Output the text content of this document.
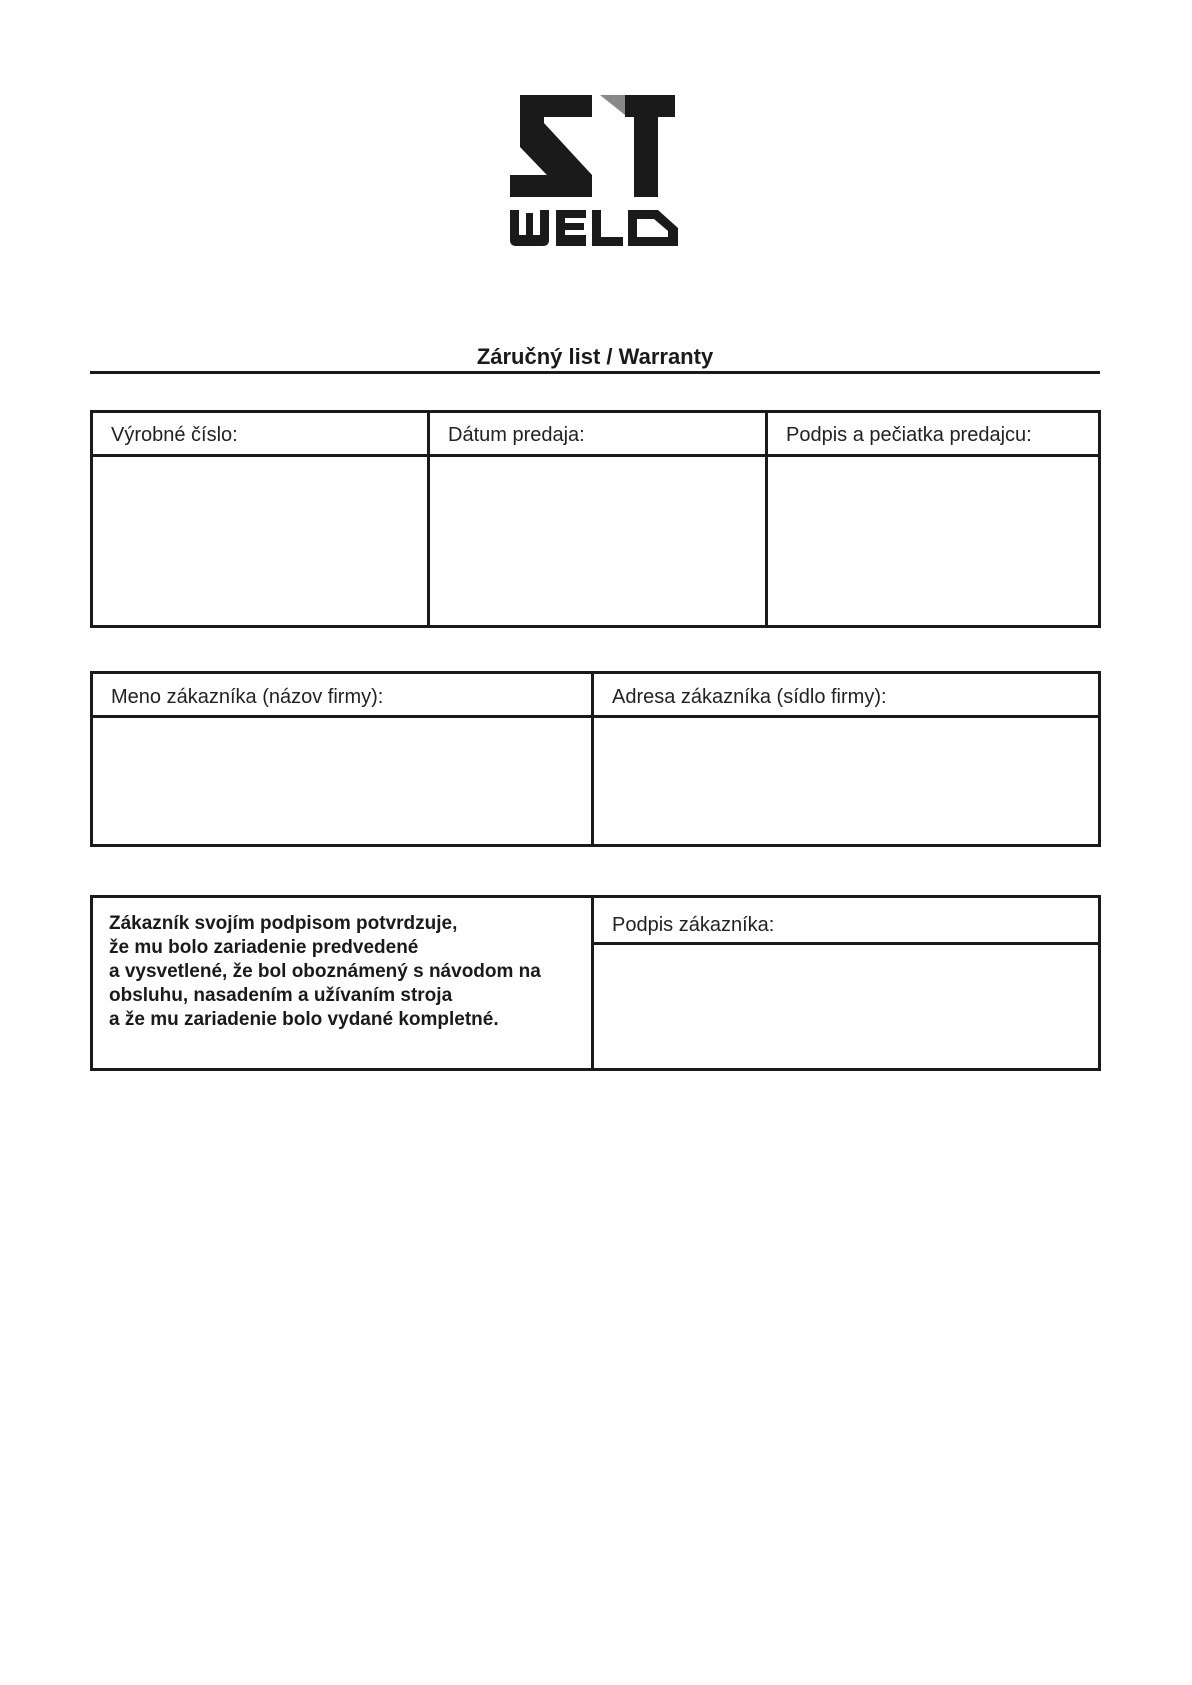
Záručný list / Warranty
Výrobné číslo:	Dátum predaja:	Podpis a pečiatka predajcu:
Meno zákazníka (názov firmy):	Adresa zákazníka (sídlo firmy):
Zákazník svojím podpisom potvrdzuje,
že mu bolo zariadenie predvedené
a vysvetlené, že bol oboznámený s návodom na
obsluhu, nasadením a užívaním stroja
a že mu zariadenie bolo vydané kompletné.
Podpis zákazníka:
